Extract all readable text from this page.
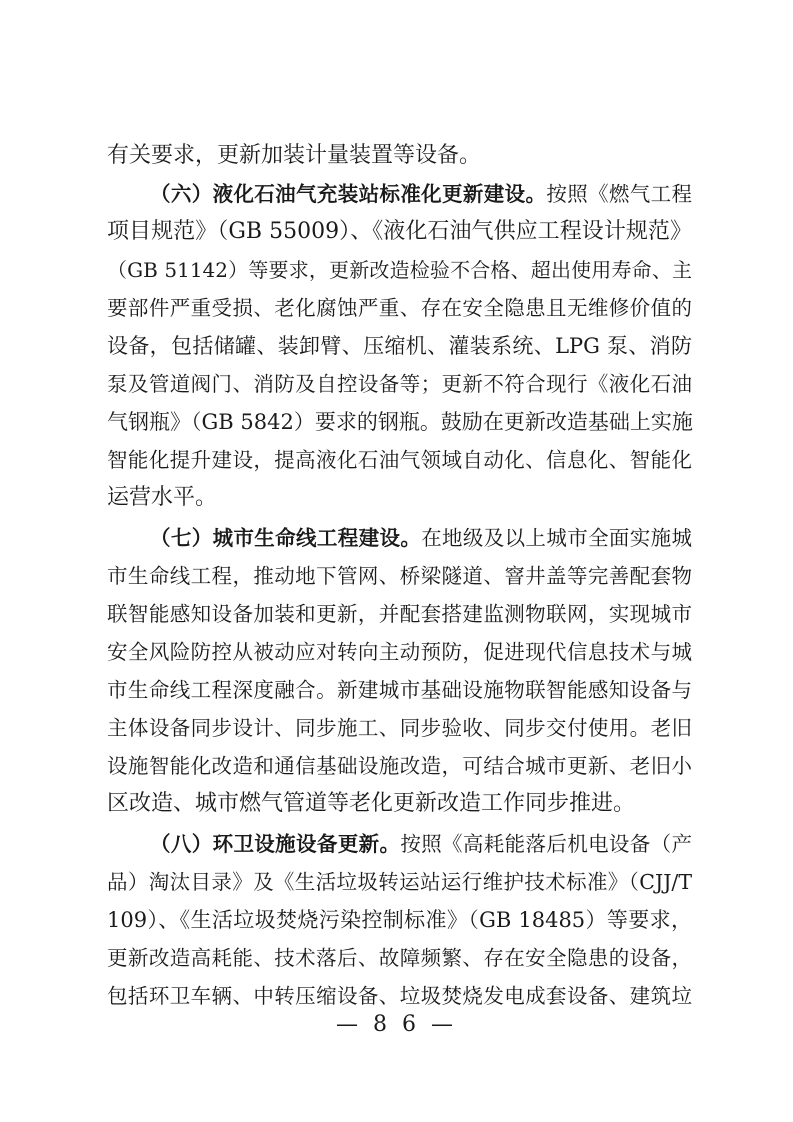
有关要求，更新加装计量装置等设备。
（六）液化石油气充装站标准化更新建设。按照《燃气工程
项目规范》（GB 55009）、《液化石油气供应工程设计规范》
（GB 51142）等要求，更新改造检验不合格、超出使用寿命、主
要部件严重受损、老化腐蚀严重、存在安全隐患且无维修价值的
设备，包括储罐、装卸臂、压缩机、灌装系统、LPG 泵、消防
泵及管道阀门、消防及自控设备等；更新不符合现行《液化石油
气钢瓶》（GB 5842）要求的钢瓶。鼓励在更新改造基础上实施
智能化提升建设，提高液化石油气领域自动化、信息化、智能化
运营水平。
（七）城市生命线工程建设。在地级及以上城市全面实施城
市生命线工程，推动地下管网、桥梁隧道、窨井盖等完善配套物
联智能感知设备加装和更新，并配套搭建监测物联网，实现城市
安全风险防控从被动应对转向主动预防，促进现代信息技术与城
市生命线工程深度融合。新建城市基础设施物联智能感知设备与
主体设备同步设计、同步施工、同步验收、同步交付使用。老旧
设施智能化改造和通信基础设施改造，可结合城市更新、老旧小
区改造、城市燃气管道等老化更新改造工作同步推进。
（八）环卫设施设备更新。按照《高耗能落后机电设备（产
品）淘汰目录》及《生活垃圾转运站运行维护技术标准》（CJJ/T
109）、《生活垃圾焚烧污染控制标准》（GB 18485）等要求，
更新改造高耗能、技术落后、故障频繁、存在安全隐患的设备，
包括环卫车辆、中转压缩设备、垃圾焚烧发电成套设备、建筑垃
— 8 6 —
